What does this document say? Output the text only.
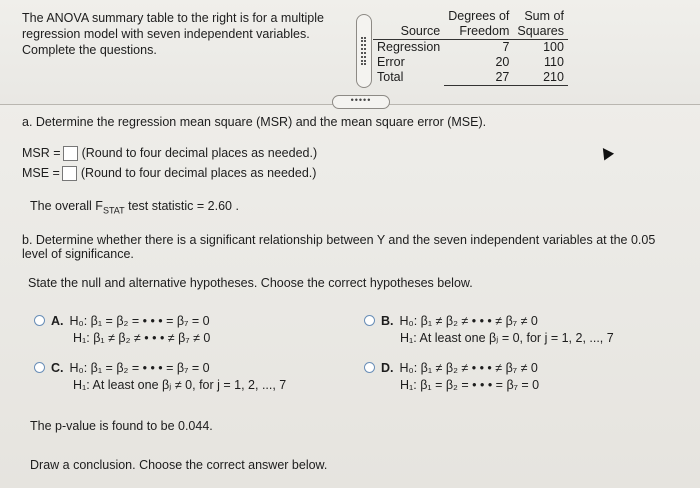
The ANOVA summary table to the right is for a multiple
regression model with seven independent variables.
Complete the questions.
	Degrees of	Sum of
Source	Freedom	Squares
Regression	7	100
Error	20	110
Total	27	210
•••••
a. Determine the regression mean square (MSR) and the mean square error (MSE).
MSR = (Round to four decimal places as needed.)
MSE = (Round to four decimal places as needed.)
The overall $F_{STAT}$ test statistic = 2.60 .
b. Determine whether there is a significant relationship between Y and the seven independent variables at the 0.05
level of significance.
State the null and alternative hypotheses. Choose the correct hypotheses below.
A. H₀: β₁ = β₂ = • • • = β₇ = 0
H₁: β₁ ≠ β₂ ≠ • • • ≠ β₇ ≠ 0
B. H₀: β₁ ≠ β₂ ≠ • • • ≠ β₇ ≠ 0
H₁: At least one βⱼ = 0, for j = 1, 2, ..., 7
C. H₀: β₁ = β₂ = • • • = β₇ = 0
H₁: At least one βⱼ ≠ 0, for j = 1, 2, ..., 7
D. H₀: β₁ ≠ β₂ ≠ • • • ≠ β₇ ≠ 0
H₁: β₁ = β₂ = • • • = β₇ = 0
The p-value is found to be 0.044.
Draw a conclusion. Choose the correct answer below.
